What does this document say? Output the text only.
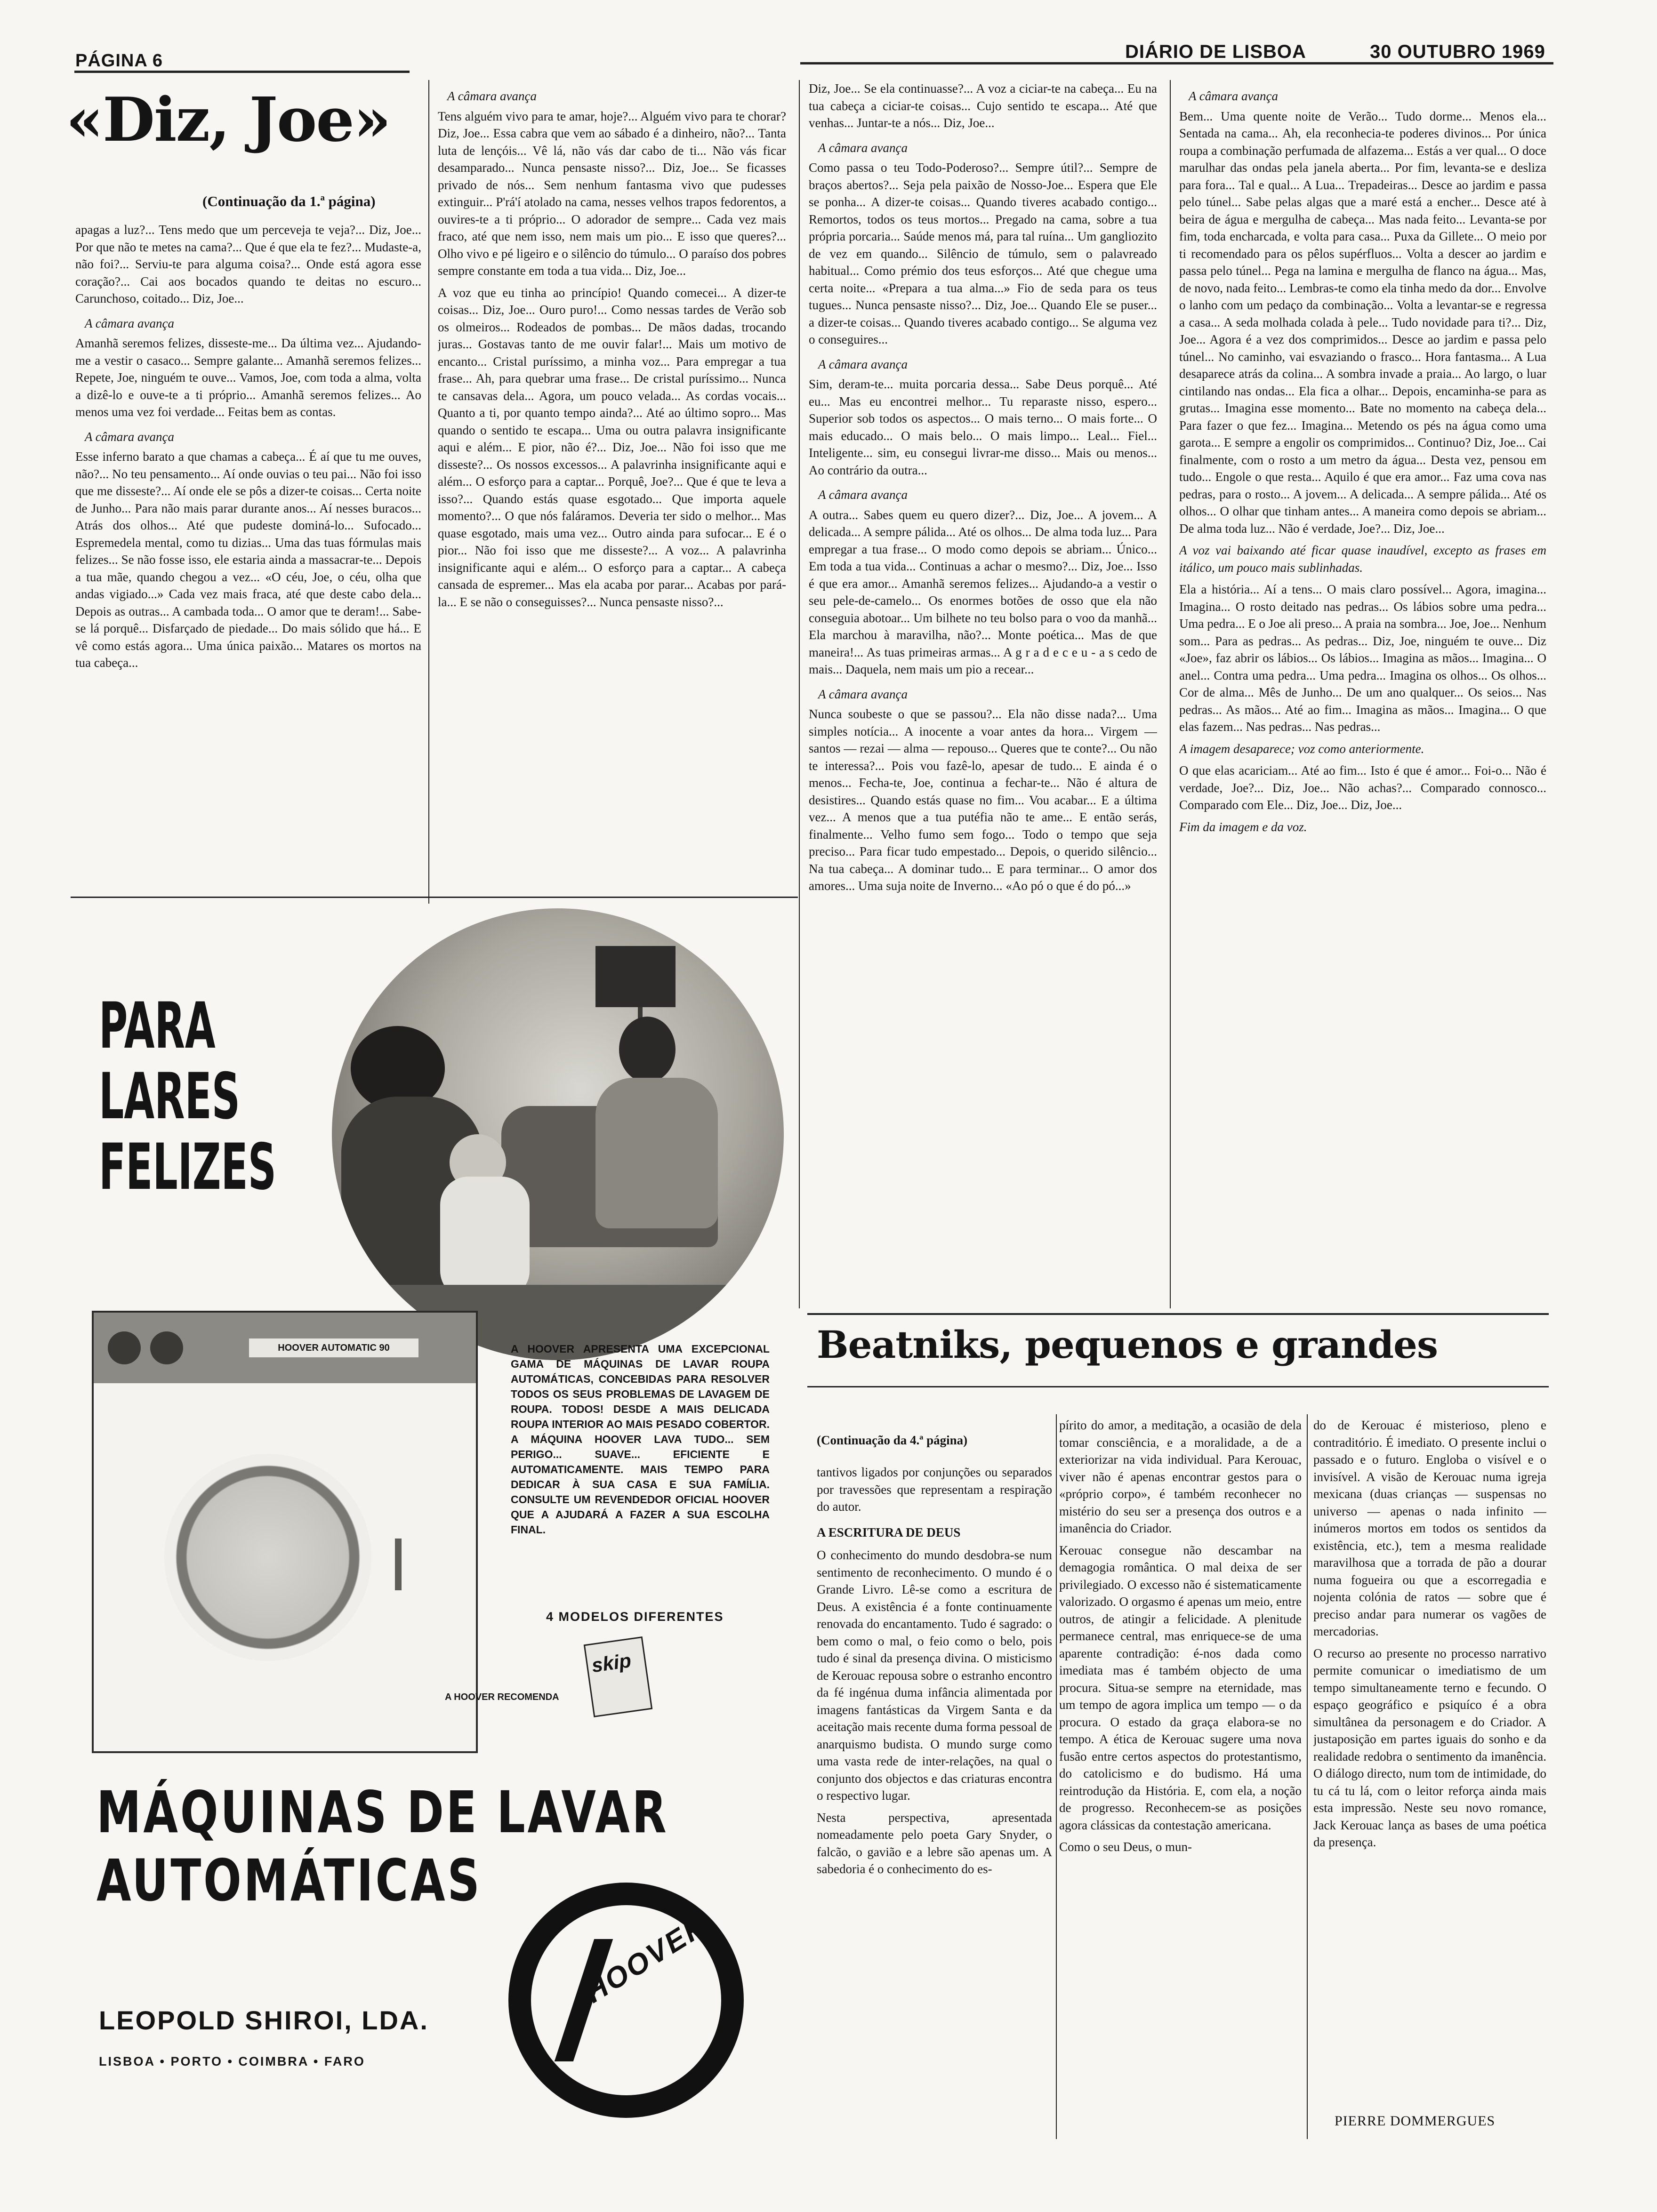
PÁGINA 6	DIÁRIO DE LISBOA	30 OUTUBRO 1969
«Diz, Joe»
(Continuação da 1.ª página)

apagas a luz?... Tens medo que um perceveja te veja?... Diz, Joe... Por que não te metes na cama?... Que é que ela te fez?... Mudaste-a, não foi?... Serviu-te para alguma coisa?... Onde está agora esse coração?... Cai aos bocados quando te deitas no escuro... Carunchoso, coitado... Diz, Joe...

A câmara avança

Amanhã seremos felizes, disseste-me... Da última vez... Ajudando-me a vestir o casaco... Sempre galante... Amanhã seremos felizes... Repete, Joe, ninguém te ouve... Vamos, Joe, com toda a alma, volta a dizê-lo e ouve-te a ti próprio... Amanhã seremos felizes... Ao menos uma vez foi verdade... Feitas bem as contas.

A câmara avança

Esse inferno barato a que chamas a cabeça... É aí que tu me ouves, não?... No teu pensamento... Aí onde ouvias o teu pai... Não foi isso que me disseste?... Aí onde ele se pôs a dizer-te coisas... Certa noite de Junho... Para não mais parar durante anos... Aí nesses buracos... Atrás dos olhos... Até que pudeste dominá-lo... Sufocado... Espremedela mental, como tu dizias... Uma das tuas fórmulas mais felizes... Se não fosse isso, ele estaria ainda a massacrar-te... Depois a tua mãe, quando chegou a vez... «O céu, Joe, o céu, olha que andas vigiado...» Cada vez mais fraca, até que deste cabo dela... Depois as outras... A cambada toda... O amor que te deram!... Sabe-se lá porquê... Disfarçado de piedade... Do mais sólido que há... E vê como estás agora... Uma única paixão... Matares os mortos na tua cabeça...

A câmara avança

Tens alguém vivo para te amar, hoje?... Alguém vivo para te chorar? Diz, Joe... Essa cabra que vem ao sábado é a dinheiro, não?... Tanta luta de lençóis... Vê lá, não vás dar cabo de ti... Não vás ficar desamparado... Nunca pensaste nisso?... Diz, Joe... Se ficasses privado de nós... Sem nenhum fantasma vivo que pudesses extinguir... P'rá'í atolado na cama, nesses velhos trapos fedorentos, a ouvires-te a ti próprio... O adorador de sempre... Cada vez mais fraco, até que nem isso, nem mais um pio... E isso que queres?... Olho vivo e pé ligeiro e o silêncio do túmulo... O paraíso dos pobres sempre constante em toda a tua vida... Diz, Joe...

A voz que eu tinha ao princípio! Quando comecei... A dizer-te coisas... Diz, Joe... Ouro puro!... Como nessas tardes de Verão sob os olmeiros... Rodeados de pombas... De mãos dadas, trocando juras... Gostavas tanto de me ouvir falar!... Mais um motivo de encanto... Cristal puríssimo, a minha voz... Para empregar a tua frase... Ah, para quebrar uma frase... De cristal puríssimo... Nunca te cansavas dela... Agora, um pouco velada... As cordas vocais... Quanto a ti, por quanto tempo ainda?... Até ao último sopro... Mas quando o sentido te escapa... Uma ou outra palavra insignificante aqui e além... E pior, não é?... Diz, Joe... Não foi isso que me disseste?... Os nossos excessos... A palavrinha insignificante aqui e além... O esforço para a captar... Porquê, Joe?... Que é que te leva a isso?... Quando estás quase esgotado... Que importa aquele momento?... O que nós faláramos. Deveria ter sido o melhor... Mas quase esgotado, mais uma vez... Outro ainda para sufocar... E é o pior... Não foi isso que me disseste?... A voz... A palavrinha insignificante aqui e além... O esforço para a captar... A cabeça cansada de espremer... Mas ela acaba por parar... Acabas por pará-la... E se não o conseguisses?... Nunca pensaste nisso?...

Diz, Joe... Se ela continuasse?... A voz a ciciar-te na cabeça... Eu na tua cabeça a ciciar-te coisas... Cujo sentido te escapa... Até que venhas... Juntar-te a nós... Diz, Joe...

A câmara avança

Como passa o teu Todo-Poderoso?... Sempre útil?... Sempre de braços abertos?... Seja pela paixão de Nosso-Joe... Espera que Ele se ponha... A dizer-te coisas... Quando tiveres acabado contigo... Remortos, todos os teus mortos... Pregado na cama, sobre a tua própria porcaria... Saúde menos má, para tal ruína... Um gangliozito de vez em quando... Silêncio de túmulo, sem o palavreado habitual... Como prémio dos teus esforços... Até que chegue uma certa noite... «Prepara a tua alma...» Fio de seda para os teus tugues... Nunca pensaste nisso?... Diz, Joe... Quando Ele se puser... a dizer-te coisas... Quando tiveres acabado contigo... Se alguma vez o conseguires...

A câmara avança

Sim, deram-te... muita porcaria dessa... Sabe Deus porquê... Até eu... Mas eu encontrei melhor... Tu reparaste nisso, espero... Superior sob todos os aspectos... O mais terno... O mais forte... O mais educado... O mais belo... O mais limpo... Leal... Fiel... Inteligente... sim, eu consegui livrar-me disso... Mais ou menos... Ao contrário da outra...

A câmara avança

A outra... Sabes quem eu quero dizer?... Diz, Joe... A jovem... A delicada... A sempre pálida... Até os olhos... De alma toda luz... Para empregar a tua frase... O modo como depois se abriam... Único... Em toda a tua vida... Continuas a achar o mesmo?... Diz, Joe... Isso é que era amor... Amanhã seremos felizes... Ajudando-a a vestir o seu pele-de-camelo... Os enormes botões de osso que ela não conseguia abotoar... Um bilhete no teu bolso para o voo da manhã... Ela marchou à maravilha, não?... Monte poética... Mas de que maneira!... As tuas primeiras armas... A g r a d e c e u - a s cedo de mais... Daquela, nem mais um pio a recear...

A câmara avança

Nunca soubeste o que se passou?... Ela não disse nada?... Uma simples notícia... A inocente a voar antes da hora... Virgem — santos — rezai — alma — repouso... Queres que te conte?... Ou não te interessa?... Pois vou fazê-lo, apesar de tudo... E ainda é o menos... Fecha-te, Joe, continua a fechar-te... Não é altura de desistires... Quando estás quase no fim... Vou acabar... E a última vez... A menos que a tua putéfia não te ame... E então serás, finalmente... Velho fumo sem fogo... Todo o tempo que seja preciso... Para ficar tudo empestado... Depois, o querido silêncio... Na tua cabeça... A dominar tudo... E para terminar... O amor dos amores... Uma suja noite de Inverno... «Ao pó o que é do pó...»

A câmara avança

Bem... Uma quente noite de Verão... Tudo dorme... Menos ela... Sentada na cama... Ah, ela reconhecia-te poderes divinos... Por única roupa a combinação perfumada de alfazema... Estás a ver qual... O doce marulhar das ondas pela janela aberta... Por fim, levanta-se e desliza para fora... Tal e qual... A Lua... Trepadeiras... Desce ao jardim e passa pelo túnel... Sabe pelas algas que a maré está a encher... Desce até à beira de água e mergulha de cabeça... Mas nada feito... Levanta-se por fim, toda encharcada, e volta para casa... Puxa da Gillete... O meio por ti recomendado para os pêlos supérfluos... Volta a descer ao jardim e passa pelo túnel... Pega na lamina e mergulha de flanco na água... Mas, de novo, nada feito... Lembras-te como ela tinha medo da dor... Envolve o lanho com um pedaço da combinação... Volta a levantar-se e regressa a casa... A seda molhada colada à pele... Tudo novidade para ti?... Diz, Joe... Agora é a vez dos comprimidos... Desce ao jardim e passa pelo túnel... No caminho, vai esvaziando o frasco... Hora fantasma... A Lua desaparece atrás da colina... A sombra invade a praia... Ao largo, o luar cintilando nas ondas... Ela fica a olhar... Depois, encaminha-se para as grutas... Imagina esse momento... Bate no momento na cabeça dela... Para fazer o que fez... Imagina... Metendo os pés na água como uma garota... E sempre a engolir os comprimidos... Continuo? Diz, Joe... Cai finalmente, com o rosto a um metro da água... Desta vez, pensou em tudo... Engole o que resta... Aquilo é que era amor... Faz uma cova nas pedras, para o rosto... A jovem... A delicada... A sempre pálida... Até os olhos... O olhar que tinham antes... A maneira como depois se abriam... De alma toda luz... Não é verdade, Joe?... Diz, Joe...

A voz vai baixando até ficar quase inaudível, excepto as frases em itálico, um pouco mais sublinhadas.

Ela a história... Aí a tens... O mais claro possível... Agora, imagina... Imagina... O rosto deitado nas pedras... Os lábios sobre uma pedra... Uma pedra... E o Joe ali preso... A praia na sombra... Joe, Joe... Nenhum som... Para as pedras... As pedras... Diz, Joe, ninguém te ouve... Diz «Joe», faz abrir os lábios... Os lábios... Imagina as mãos... Imagina... O anel... Contra uma pedra... Uma pedra... Imagina os olhos... Os olhos... Cor de alma... Mês de Junho... De um ano qualquer... Os seios... Nas pedras... As mãos... Até ao fim... Imagina as mãos... Imagina... O que elas fazem... Nas pedras... Nas pedras...

A imagem desaparece; voz como anteriormente.

O que elas acariciam... Até ao fim... Isto é que é amor... Foi-o... Não é verdade, Joe?... Diz, Joe... Não achas?... Comparado connosco... Comparado com Ele... Diz, Joe... Diz, Joe...

Fim da imagem e da voz.

PARA
LARES
FELIZES
HOOVER AUTOMATIC 90	A HOOVER APRESENTA UMA EXCEPCIONAL GAMA DE MÁQUINAS DE LAVAR ROUPA AUTOMÁTICAS, CONCEBIDAS PARA RESOLVER TODOS OS SEUS PROBLEMAS DE LAVAGEM DE ROUPA. TODOS! DESDE A MAIS DELICADA ROUPA INTERIOR AO MAIS PESADO COBERTOR. A MÁQUINA HOOVER LAVA TUDO... SEM PERIGO... SUAVE... EFICIENTE E AUTOMATICAMENTE. MAIS TEMPO PARA DEDICAR À SUA CASA E SUA FAMÍLIA. CONSULTE UM REVENDEDOR OFICIAL HOOVER QUE A AJUDARÁ A FAZER A SUA ESCOLHA FINAL.
4 MODELOS DIFERENTES
A HOOVER RECOMENDA
skip
MÁQUINAS DE LAVAR
AUTOMÁTICAS
HOOVER
LEOPOLD SHIROI, LDA.
LISBOA • PORTO • COIMBRA • FARO
Beatniks, pequenos e grandes
(Continuação da 4.ª página)

tantivos ligados por conjunções ou separados por travessões que representam a respiração do autor.

A ESCRITURA DE DEUS

O conhecimento do mundo desdobra-se num sentimento de reconhecimento. O mundo é o Grande Livro. Lê-se como a escritura de Deus. A existência é a fonte continuamente renovada do encantamento. Tudo é sagrado: o bem como o mal, o feio como o belo, pois tudo é sinal da presença divina. O misticismo de Kerouac repousa sobre o estranho encontro da fé ingénua duma infância alimentada por imagens fantásticas da Virgem Santa e da aceitação mais recente duma forma pessoal de anarquismo budista. O mundo surge como uma vasta rede de inter-relações, na qual o conjunto dos objectos e das criaturas encontra o respectivo lugar.

Nesta perspectiva, apresentada nomeadamente pelo poeta Gary Snyder, o falcão, o gavião e a lebre são apenas um. A sabedoria é o conhecimento do es-

pírito do amor, a meditação, a ocasião de dela tomar consciência, e a moralidade, a de a exteriorizar na vida individual. Para Kerouac, viver não é apenas encontrar gestos para o «próprio corpo», é também reconhecer no mistério do seu ser a presença dos outros e a imanência do Criador.

Kerouac consegue não descambar na demagogia romântica. O mal deixa de ser privilegiado. O excesso não é sistematicamente valorizado. O orgasmo é apenas um meio, entre outros, de atingir a felicidade. A plenitude permanece central, mas enriquece-se de uma aparente contradição: é-nos dada como imediata mas é também objecto de uma procura. Situa-se sempre na eternidade, mas um tempo de agora implica um tempo — o da procura. O estado da graça elabora-se no tempo. A ética de Kerouac sugere uma nova fusão entre certos aspectos do protestantismo, do catolicismo e do budismo. Há uma reintrodução da História. E, com ela, a noção de progresso. Reconhecem-se as posições agora clássicas da contestação americana.

Como o seu Deus, o mun-

do de Kerouac é misterioso, pleno e contraditório. É imediato. O presente inclui o passado e o futuro. Engloba o visível e o invisível. A visão de Kerouac numa igreja mexicana (duas crianças — suspensas no universo — apenas o nada infinito — inúmeros mortos em todos os sentidos da existência, etc.), tem a mesma realidade maravilhosa que a torrada de pão a dourar numa fogueira ou que a escorregadia e nojenta colónia de ratos — sobre que é preciso andar para numerar os vagões de mercadorias.

O recurso ao presente no processo narrativo permite comunicar o imediatismo de um tempo simultaneamente terno e fecundo. O espaço geográfico e psiquíco é a obra simultânea da personagem e do Criador. A justaposição em partes iguais do sonho e da realidade redobra o sentimento da imanência. O diálogo directo, num tom de intimidade, do tu cá tu lá, com o leitor reforça ainda mais esta impressão. Neste seu novo romance, Jack Kerouac lança as bases de uma poética da presença.

PIERRE DOMMERGUES
